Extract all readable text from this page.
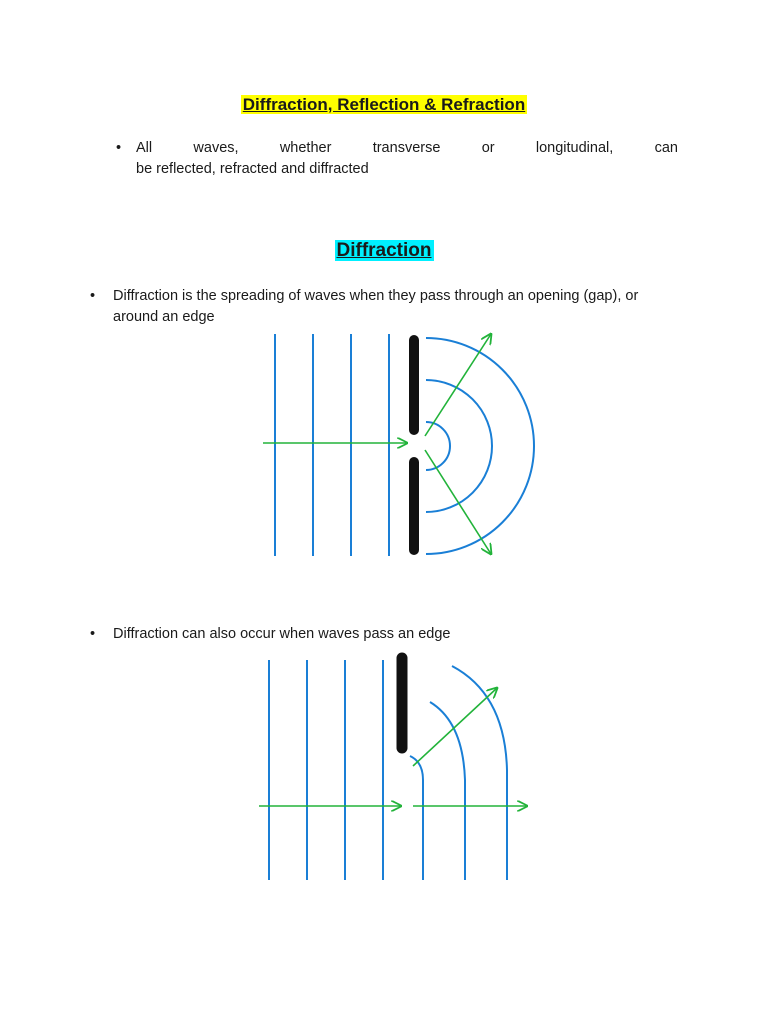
Diffraction, Reflection & Refraction
• All	waves,	whether	transverse	or	longitudinal,	can
be reflected, refracted and diffracted
Diffraction
• Diffraction is the spreading of waves when they pass through an opening (gap), or
around an edge
• Diffraction can also occur when waves pass an edge
